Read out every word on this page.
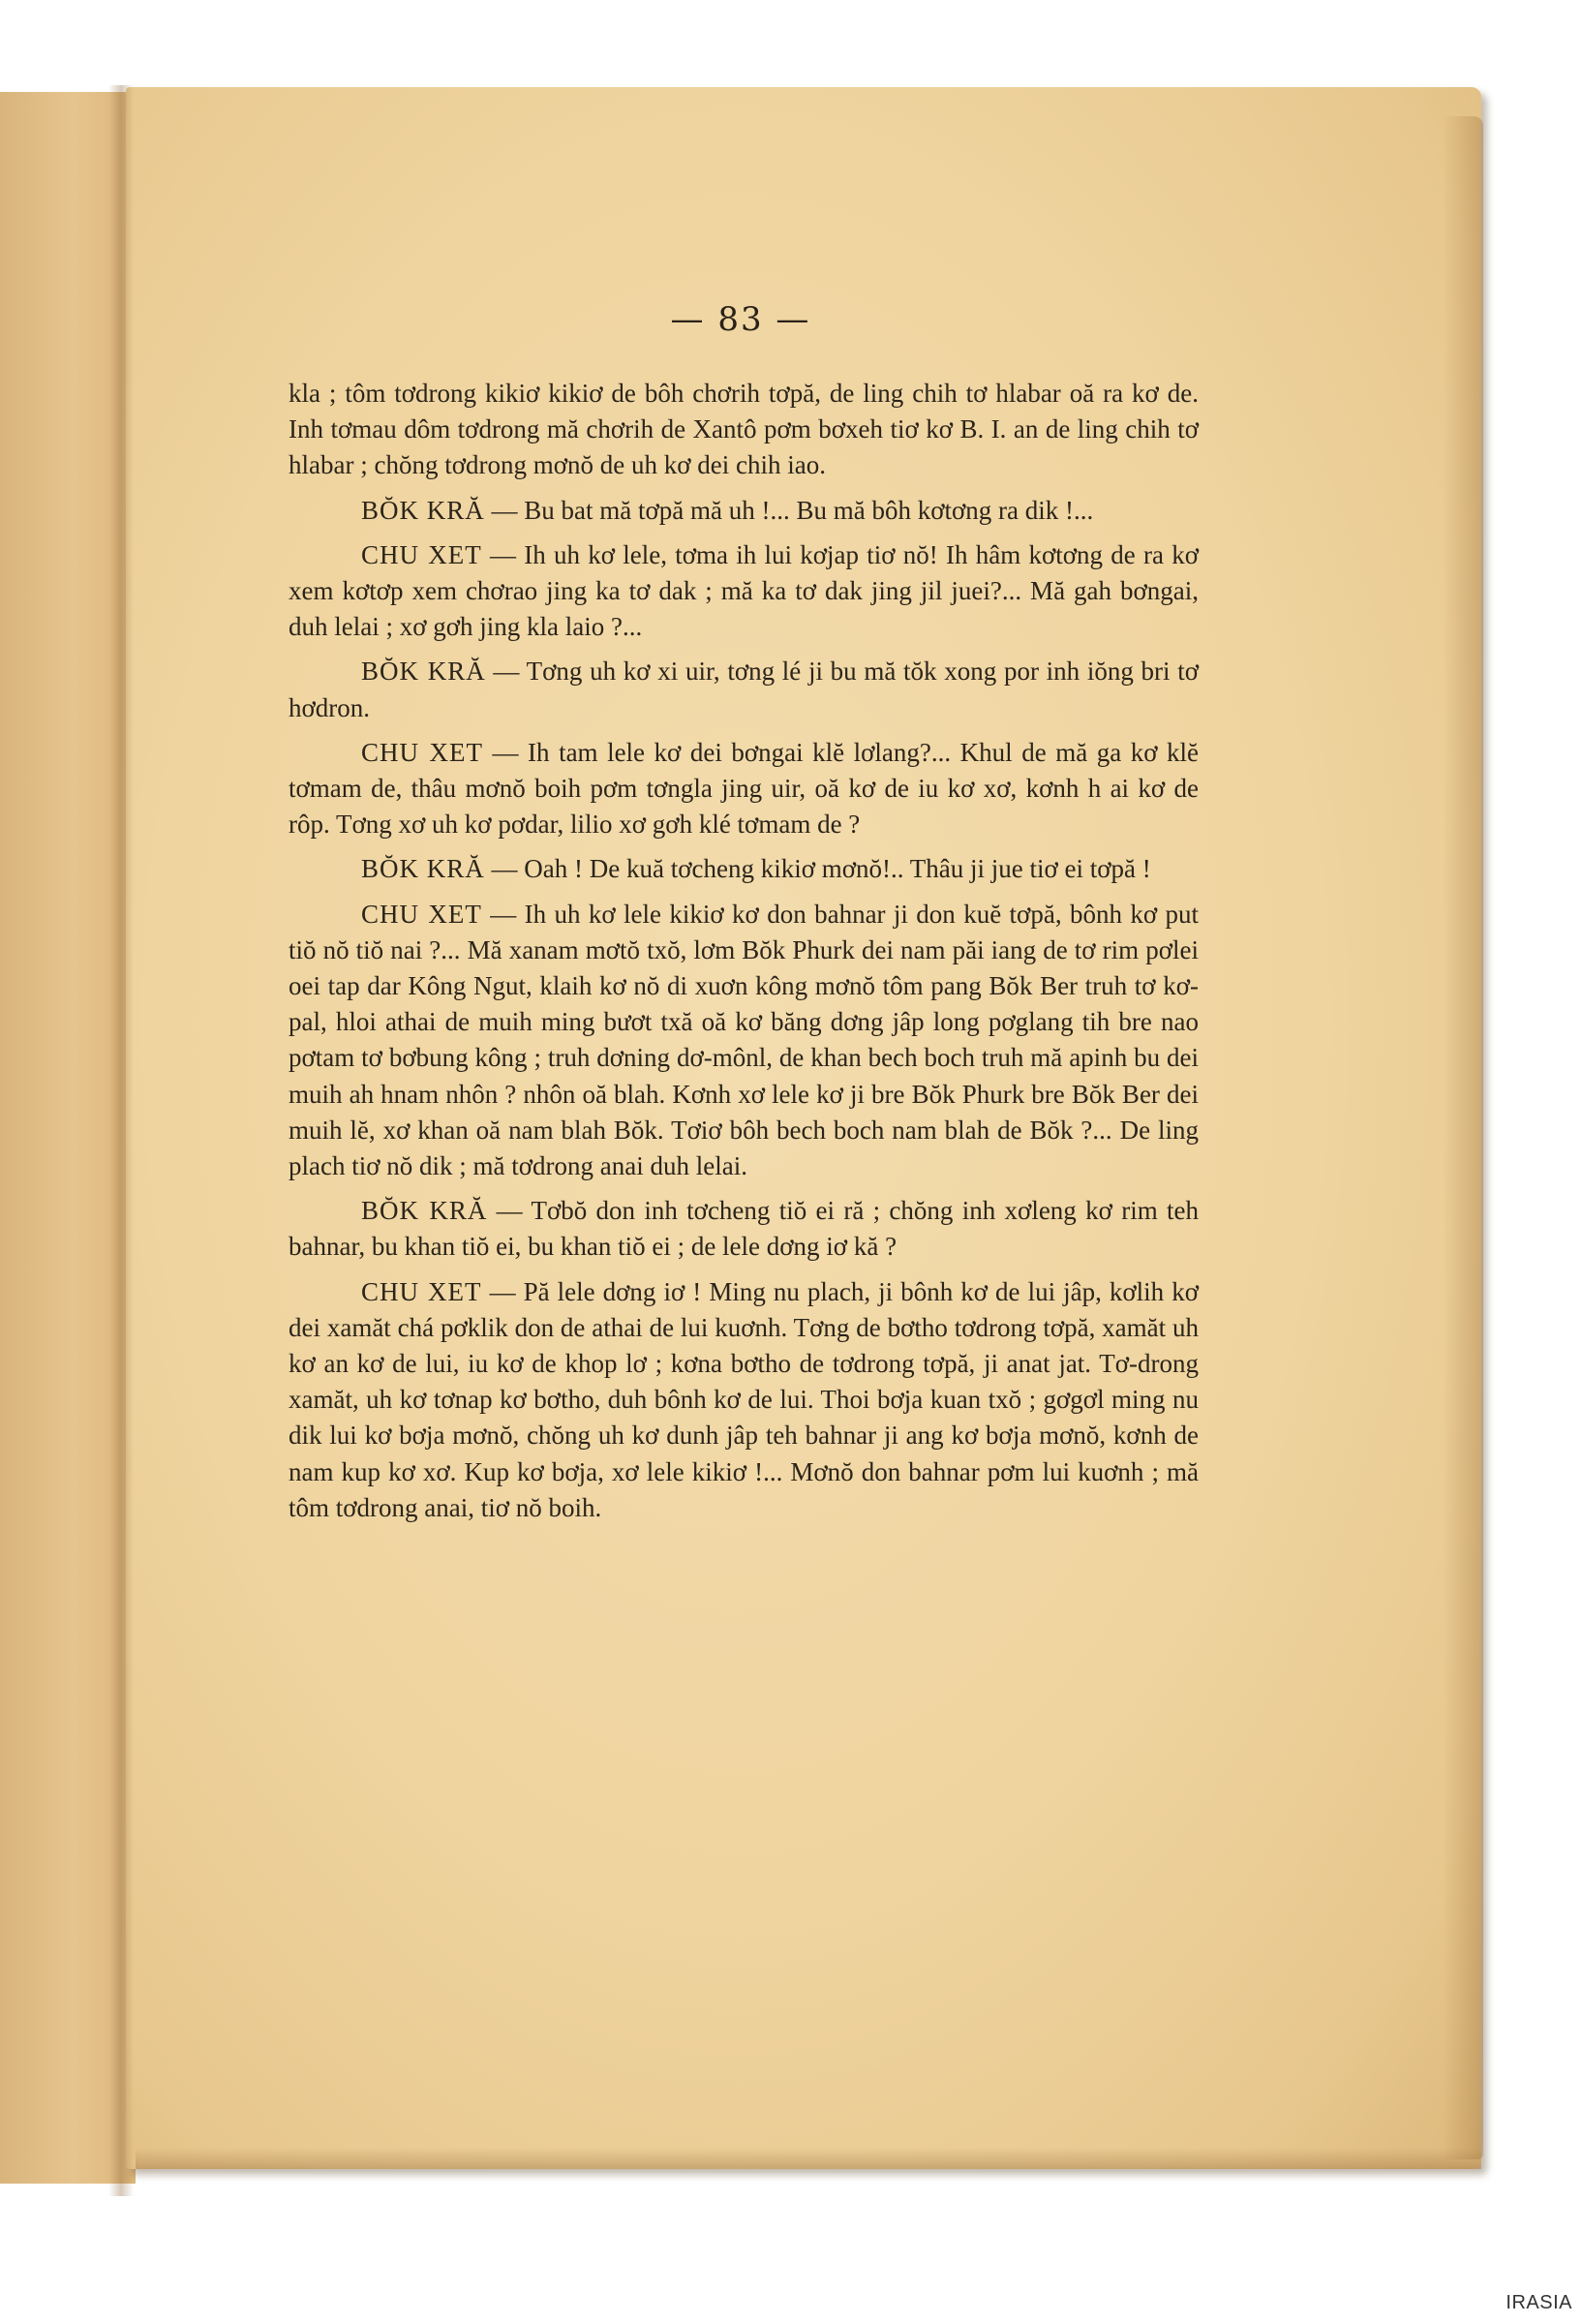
— 83 —

kla ; tôm tơdrong kikiơ kikiơ de bôh chơrih tơpă, de ling chih tơ hlabar oă ra kơ de. Inh tơmau dôm tơdrong mă chơrih de Xantô pơm bơxeh tiơ kơ B. I. an de ling chih tơ hlabar ; chŏng tơdrong mơnŏ de uh kơ dei chih iao.

BŎK KRĂ — Bu bat mă tơpă mă uh !... Bu mă bôh kơtơng ra dik !...

CHU XET — Ih uh kơ lele, tơma ih lui kơjap tiơ nŏ! Ih hâm kơtơng de ra kơ xem kơtơp xem chơrao jing ka tơ dak ; mă ka tơ dak jing jil juei?... Mă gah bơngai, duh lelai ; xơ gơh jing kla laio ?...

BŎK KRĂ — Tơng uh kơ xi uir, tơng lé ji bu mă tŏk xong por inh iŏng bri tơ hơdron.

CHU XET — Ih tam lele kơ dei bơngai klĕ lơlang?... Khul de mă ga kơ klĕ tơmam de, thâu mơnŏ boih pơm tơngla jing uir, oă kơ de iu kơ xơ, kơnh h ai kơ de rôp. Tơng xơ uh kơ pơdar, lilio xơ gơh klé tơmam de ?

BŎK KRĂ — Oah ! De kuă tơcheng kikiơ mơnŏ!.. Thâu ji jue tiơ ei tơpă !

CHU XET — Ih uh kơ lele kikiơ kơ don bahnar ji don kuĕ tơpă, bônh kơ put tiŏ nŏ tiŏ nai ?... Mă xanam mơtŏ txŏ, lơm Bŏk Phurk dei nam păi iang de tơ rim pơlei oei tap dar Kông Ngut, klaih kơ nŏ di xuơn kông mơnŏ tôm pang Bŏk Ber truh tơ kơ-pal, hloi athai de muih ming bươt txă oă kơ băng dơng jâp long pơglang tih bre nao pơtam tơ bơbung kông ; truh dơning dơ-mônl, de khan bech boch truh mă apinh bu dei muih ah hnam nhôn ? nhôn oă blah. Kơnh xơ lele kơ ji bre Bŏk Phurk bre Bŏk Ber dei muih lĕ, xơ khan oă nam blah Bŏk. Tơiơ bôh bech boch nam blah de Bŏk ?... De ling plach tiơ nŏ dik ; mă tơdrong anai duh lelai.

BŎK KRĂ — Tơbŏ don inh tơcheng tiŏ ei ră ; chŏng inh xơleng kơ rim teh bahnar, bu khan tiŏ ei, bu khan tiŏ ei ; de lele dơng iơ kă ?

CHU XET — Pă lele dơng iơ ! Ming nu plach, ji bônh kơ de lui jâp, kơlih kơ dei xamăt chá pơklik don de athai de lui kuơnh. Tơng de bơtho tơdrong tơpă, xamăt uh kơ an kơ de lui, iu kơ de khop lơ ; kơna bơtho de tơdrong tơpă, ji anat jat. Tơ-drong xamăt, uh kơ tơnap kơ bơtho, duh bônh kơ de lui. Thoi bơja kuan txŏ ; gơgơl ming nu dik lui kơ bơja mơnŏ, chŏng uh kơ dunh jâp teh bahnar ji ang kơ bơja mơnŏ, kơnh de nam kup kơ xơ. Kup kơ bơja, xơ lele kikiơ !... Mơnŏ don bahnar pơm lui kuơnh ; mă tôm tơdrong anai, tiơ nŏ boih.

IRASIA
